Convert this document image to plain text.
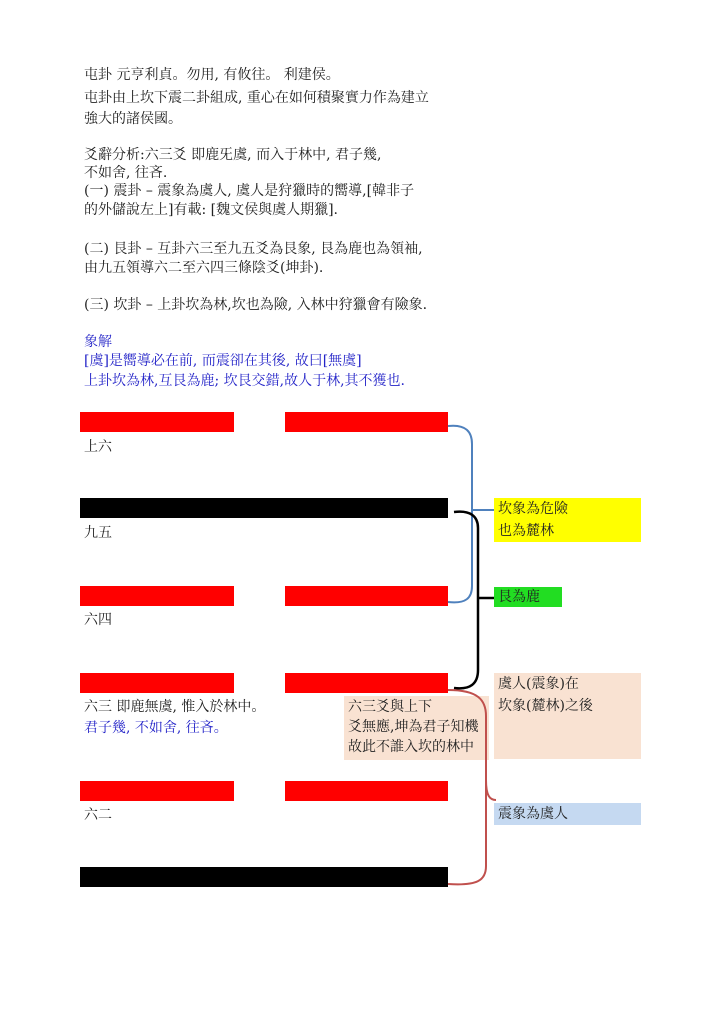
屯卦 元亨利貞。勿用, 有攸往。 利建侯。
屯卦由上坎下震二卦組成, 重心在如何積聚實力作為建立
強大的諸侯國。
爻辭分析:六三爻 即鹿旡虞, 而入于林中, 君子幾,
不如舍, 往吝.
(一) 震卦 – 震象為虞人, 虞人是狩獵時的嚮導,[韓非子
的外儲說左上]有載: [魏文侯與虞人期獵].
(二) 艮卦 – 互卦六三至九五爻為艮象, 艮為鹿也為領袖,
由九五領導六二至六四三條陰爻(坤卦).
(三) 坎卦 – 上卦坎為林,坎也為險, 入林中狩獵會有險象.
象解
[虞]是嚮導必在前, 而震卻在其後, 故曰[無虞]
上卦坎為林,互艮為鹿; 坎艮交錯,故人于林,其不獲也.
上六
九五
六四
六三 即鹿無虞, 惟入於林中。
君子幾, 不如舍, 往吝。
六二
六三爻與上下
爻無應,坤為君子知機
故此不誰入坎的林中
坎象為危險
也為麓林
艮為鹿
虞人(震象)在
坎象(麓林)之後
震象為虞人
